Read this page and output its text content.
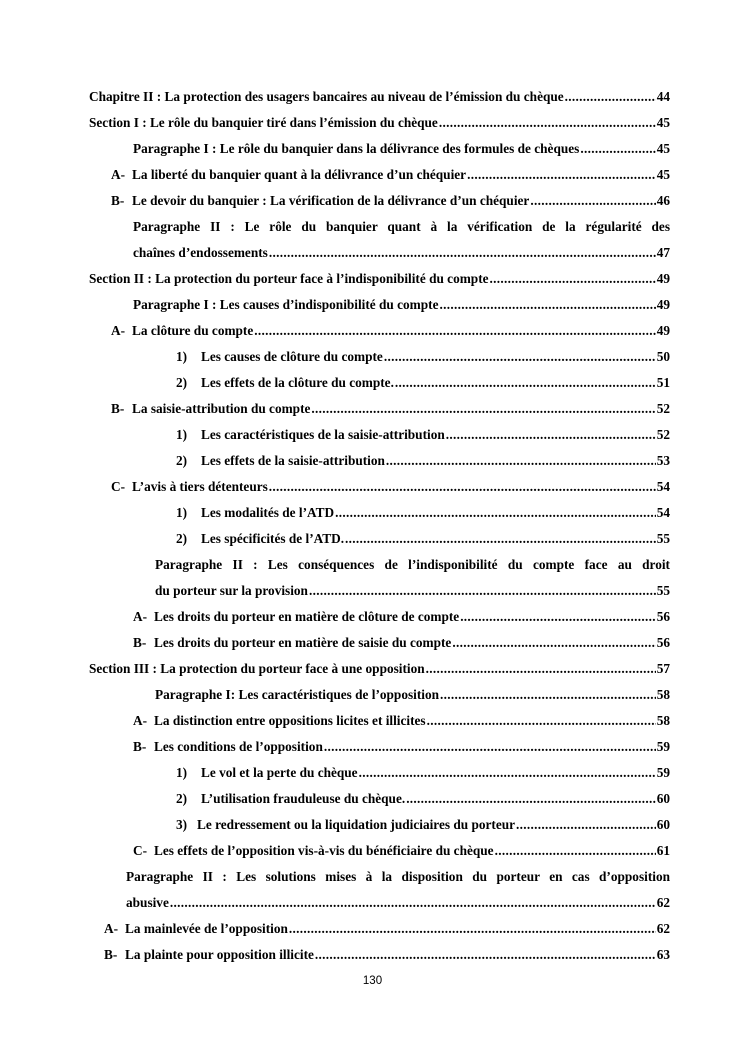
Chapitre II : La protection des usagers bancaires au niveau de l’émission du chèque .....	44
Section I : Le rôle du banquier tiré dans l’émission du chèque .....	45
Paragraphe I : Le rôle du banquier dans la délivrance des formules de chèques .....	45
A- La liberté du banquier quant à la délivrance d’un chéquier .....	45
B- Le devoir du banquier : La vérification de la délivrance d’un chéquier .....	46
Paragraphe II : Le rôle du banquier quant à la vérification de la régularité des
chaînes d’endossements .....	47
Section II : La protection du porteur face à l’indisponibilité du compte .....	49
Paragraphe I : Les causes d’indisponibilité du compte .....	49
A- La clôture du compte .....	49
1)	Les causes de clôture du compte .....	50
2)	Les effets de la clôture du compte. .....	51
B- La saisie-attribution du compte .....	52
1)	Les caractéristiques de la saisie-attribution .....	52
2)	Les effets de la saisie-attribution .....	53
C- L’avis à tiers détenteurs .....	54
1)	Les modalités de l’ATD .....	54
2)	Les spécificités de l’ATD. .....	55
Paragraphe II : Les conséquences de l’indisponibilité du compte face au droit
du porteur sur la provision .....	55
A- Les droits du porteur en matière de clôture de compte .....	56
B- Les droits du porteur en matière de saisie du compte .....	56
Section III : La protection du porteur face à une opposition .....	57
Paragraphe I: Les caractéristiques de l’opposition .....	58
A- La distinction entre oppositions licites et illicites .....	58
B- Les conditions de l’opposition .....	59
1)	Le vol et la perte du chèque .....	59
2)	L’utilisation frauduleuse du chèque. .....	60
3) Le redressement ou la liquidation judiciaires du porteur .....	60
C- Les effets de l’opposition vis-à-vis du bénéficiaire du chèque .....	61
Paragraphe II : Les solutions mises à la disposition du porteur en cas d’opposition
abusive .....	62
A- La mainlevée de l’opposition .....	62
B- La plainte pour opposition illicite .....	63
130
